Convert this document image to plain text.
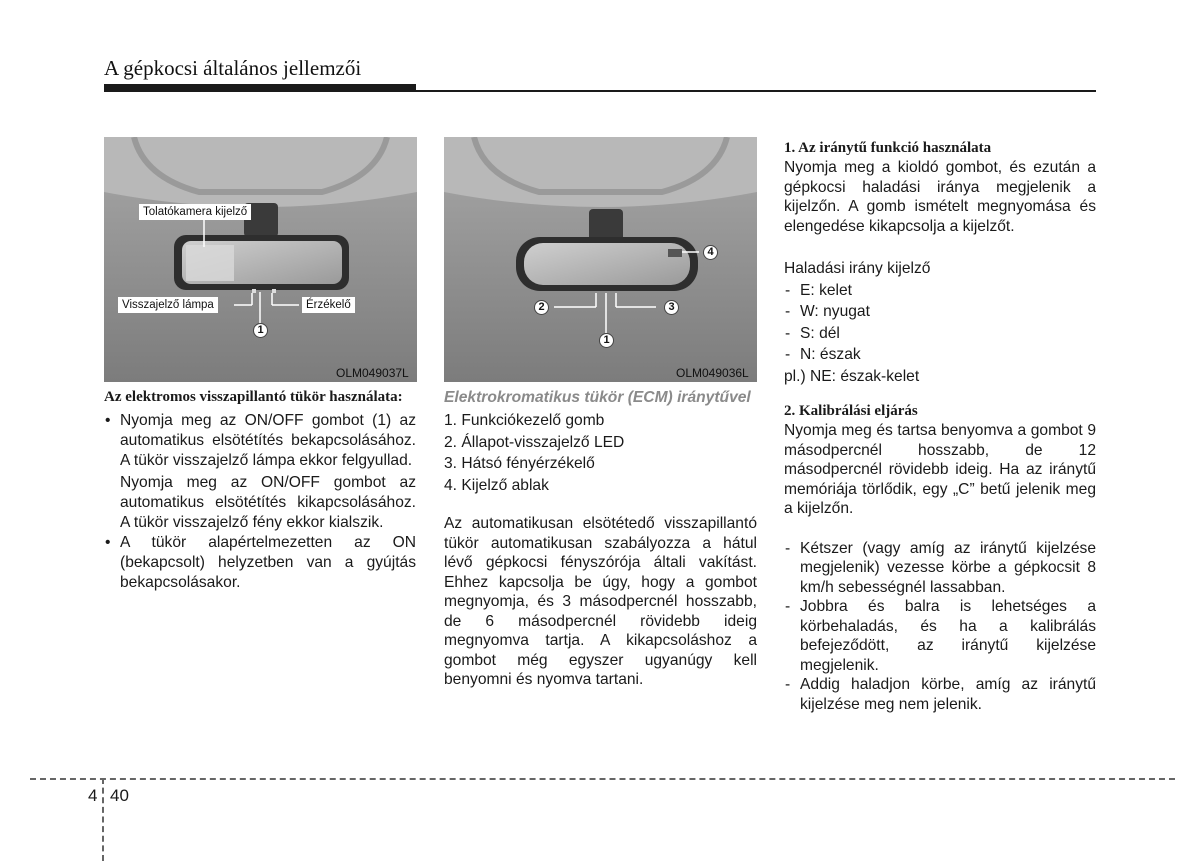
A gépkocsi általános jellemzői
Tolatókamera kijelző
Visszajelző lámpa	Érzékelő
1
OLM049037L
1
2	3
4
OLM049036L
Az elektromos visszapillantó tükör használata:

• Nyomja meg az ON/OFF gombot (1) az automatikus elsötétítés bekapcsolásához. A tükör visszajelző lámpa ekkor felgyullad.

Nyomja meg az ON/OFF gombot az automatikus elsötétítés kikapcsolásához. A tükör visszajelző fény ekkor kialszik.

• A tükör alapértelmezetten az ON (bekapcsolt) helyzetben van a gyújtás bekapcsolásakor.

Elektrokromatikus tükör (ECM) iránytűvel
1. Funkciókezelő gomb
2. Állapot-visszajelző LED
3. Hátsó fényérzékelő
4. Kijelző ablak

Az automatikusan elsötétedő visszapillantó tükör automatikusan szabályozza a hátul lévő gépkocsi fényszórója általi vakítást. Ehhez kapcsolja be úgy, hogy a gombot megnyomja, és 3 másodpercnél hosszabb, de 6 másodpercnél rövidebb ideig megnyomva tartja. A kikapcsoláshoz a gombot még egyszer ugyanúgy kell benyomni és nyomva tartani.

1. Az iránytű funkció használata

Nyomja meg a kioldó gombot, és ezután a gépkocsi haladási iránya megjelenik a kijelzőn. A gomb ismételt megnyomása és elengedése kikapcsolja a kijelzőt.

Haladási irány kijelző

- E: kelet
- W: nyugat
- S: dél
- N: észak

pl.) NE: észak-kelet

2. Kalibrálási eljárás

Nyomja meg és tartsa benyomva a gombot 9 másodpercnél hosszabb, de 12 másodpercnél rövidebb ideig. Ha az iránytű memóriája törlődik, egy „C” betű jelenik meg a kijelzőn.

- Kétszer (vagy amíg az iránytű kijelzése megjelenik) vezesse körbe a gépkocsit 8 km/h sebességnél lassabban.
- Jobbra és balra is lehetséges a körbehaladás, és ha a kalibrálás befejeződött, az iránytű kijelzése megjelenik.
- Addig haladjon körbe, amíg az iránytű kijelzése meg nem jelenik.
4 40
